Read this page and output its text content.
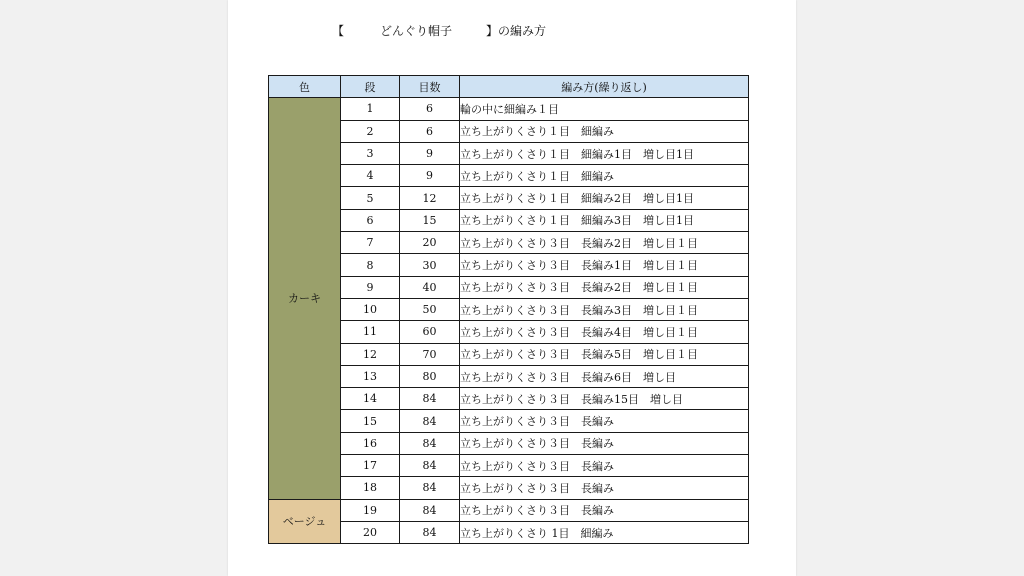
【	どんぐり帽子	】の編み方
色	段	目数	編み方(繰り返し)
カーキ	1	6	輪の中に細編み１目
	2	6	立ち上がりくさり１目　細編み
	3	9	立ち上がりくさり１目　細編み1目　増し目1目
	4	9	立ち上がりくさり１目　細編み
	5	12	立ち上がりくさり１目　細編み2目　増し目1目
	6	15	立ち上がりくさり１目　細編み3目　増し目1目
	7	20	立ち上がりくさり３目　長編み2目　増し目１目
	8	30	立ち上がりくさり３目　長編み1目　増し目１目
	9	40	立ち上がりくさり３目　長編み2目　増し目１目
	10	50	立ち上がりくさり３目　長編み3目　増し目１目
	11	60	立ち上がりくさり３目　長編み4目　増し目１目
	12	70	立ち上がりくさり３目　長編み5目　増し目１目
	13	80	立ち上がりくさり３目　長編み6目　増し目
	14	84	立ち上がりくさり３目　長編み15目　増し目
	15	84	立ち上がりくさり３目　長編み
	16	84	立ち上がりくさり３目　長編み
	17	84	立ち上がりくさり３目　長編み
	18	84	立ち上がりくさり３目　長編み
ベージュ	19	84	立ち上がりくさり３目　長編み
	20	84	立ち上がりくさり 1目　細編み
